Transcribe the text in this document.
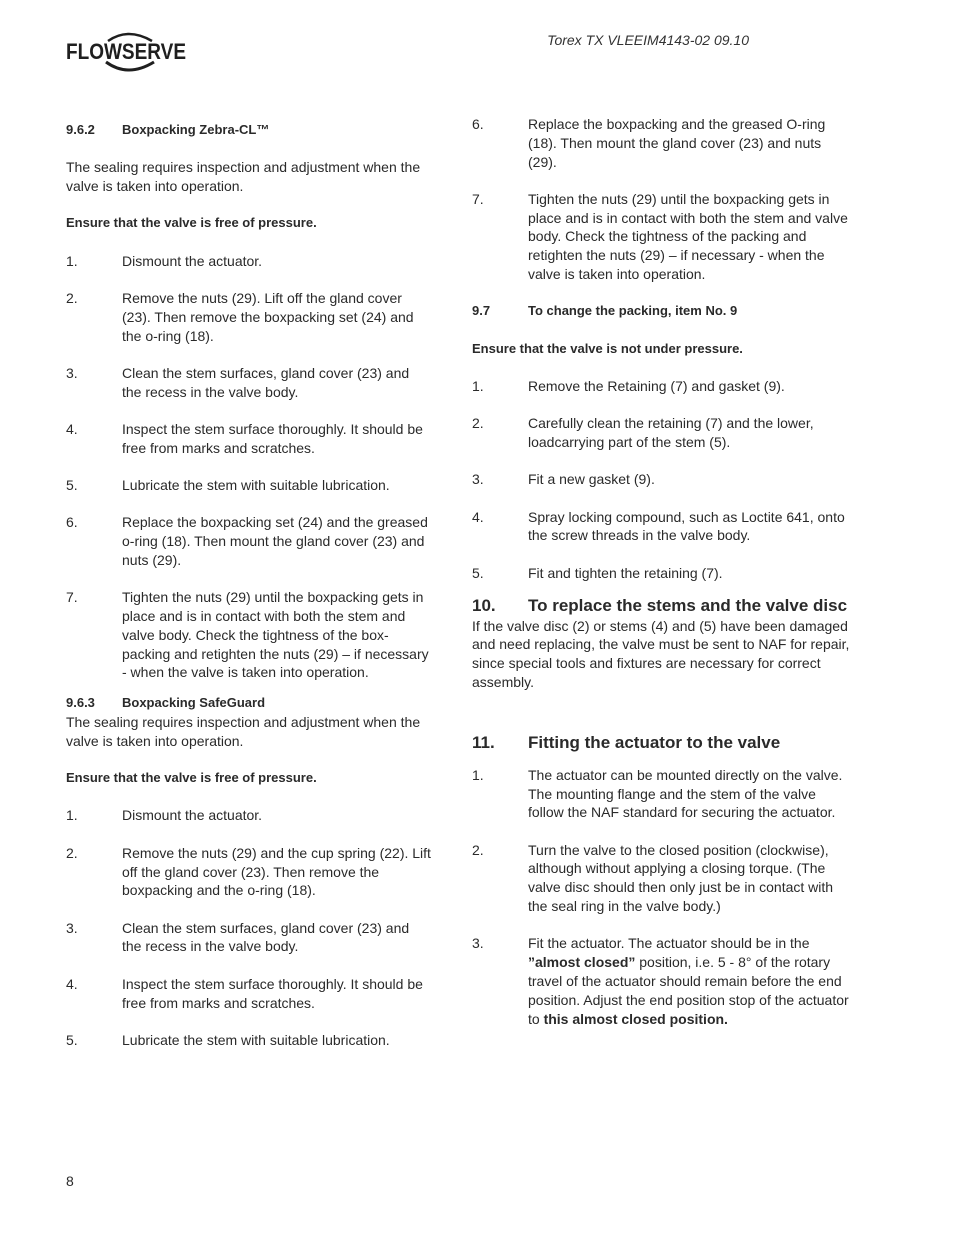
FLOWSERVE	Torex TX VLEEIM4143-02 09.10
9.6.2 Boxpacking Zebra-CL™

The sealing requires inspection and adjustment when the valve is taken into operation.

Ensure that the valve is free of pressure.

1.	Dismount the actuator.
2.	Remove the nuts (29). Lift off the gland cover (23). Then remove the boxpacking set (24) and the o-ring (18).
3.	Clean the stem surfaces, gland cover (23) and the recess in the valve body.
4.	Inspect the stem surface thoroughly. It should be free from marks and scratches.
5.	Lubricate the stem with suitable lubrication.
6.	Replace the boxpacking set (24) and the greased o-ring (18). Then mount the gland cover (23) and nuts (29).
7.	Tighten the nuts (29) until the boxpacking gets in place and is in contact with both the stem and valve body. Check the tightness of the box-packing and retighten the nuts (29) – if necessary - when the valve is taken into operation.
9.6.3 Boxpacking SafeGuard

The sealing requires inspection and adjustment when the valve is taken into operation.

Ensure that the valve is free of pressure.

1.	Dismount the actuator.
2.	Remove the nuts (29) and the cup spring (22). Lift off the gland cover (23). Then remove the boxpacking and the o-ring (18).
3.	Clean the stem surfaces, gland cover (23) and the recess in the valve body.
4.	Inspect the stem surface thoroughly. It should be free from marks and scratches.
5.	Lubricate the stem with suitable lubrication.
6.	Replace the boxpacking and the greased O-ring (18). Then mount the gland cover (23) and nuts (29).
7.	Tighten the nuts (29) until the boxpacking gets in place and is in contact with both the stem and valve body. Check the tightness of the packing and retighten the nuts (29) – if necessary - when the valve is taken into operation.
9.7	To change the packing, item No. 9

Ensure that the valve is not under pressure.

1.	Remove the Retaining (7) and gasket (9).
2.	Carefully clean the retaining (7) and the lower, loadcarrying part of the stem (5).
3.	Fit a new gasket (9).
4.	Spray locking compound, such as Loctite 641, onto the screw threads in the valve body.
5.	Fit and tighten the retaining (7).
10.	To replace the stems and the valve disc

If the valve disc (2) or stems (4) and (5) have been damaged and need replacing, the valve must be sent to NAF for repair, since special tools and fixtures are necessary for correct assembly.

11.	Fitting the actuator to the valve
1.	The actuator can be mounted directly on the valve. The mounting flange and the stem of the valve follow the NAF standard for securing the actuator.
2.	Turn the valve to the closed position (clockwise), although without applying a closing torque. (The valve disc should then only just be in contact with the seal ring in the valve body.)
3.	Fit the actuator. The actuator should be in the ”almost closed” position, i.e. 5 - 8° of the rotary travel of the actuator should remain before the end position. Adjust the end position stop of the actuator to this almost closed position.
8
